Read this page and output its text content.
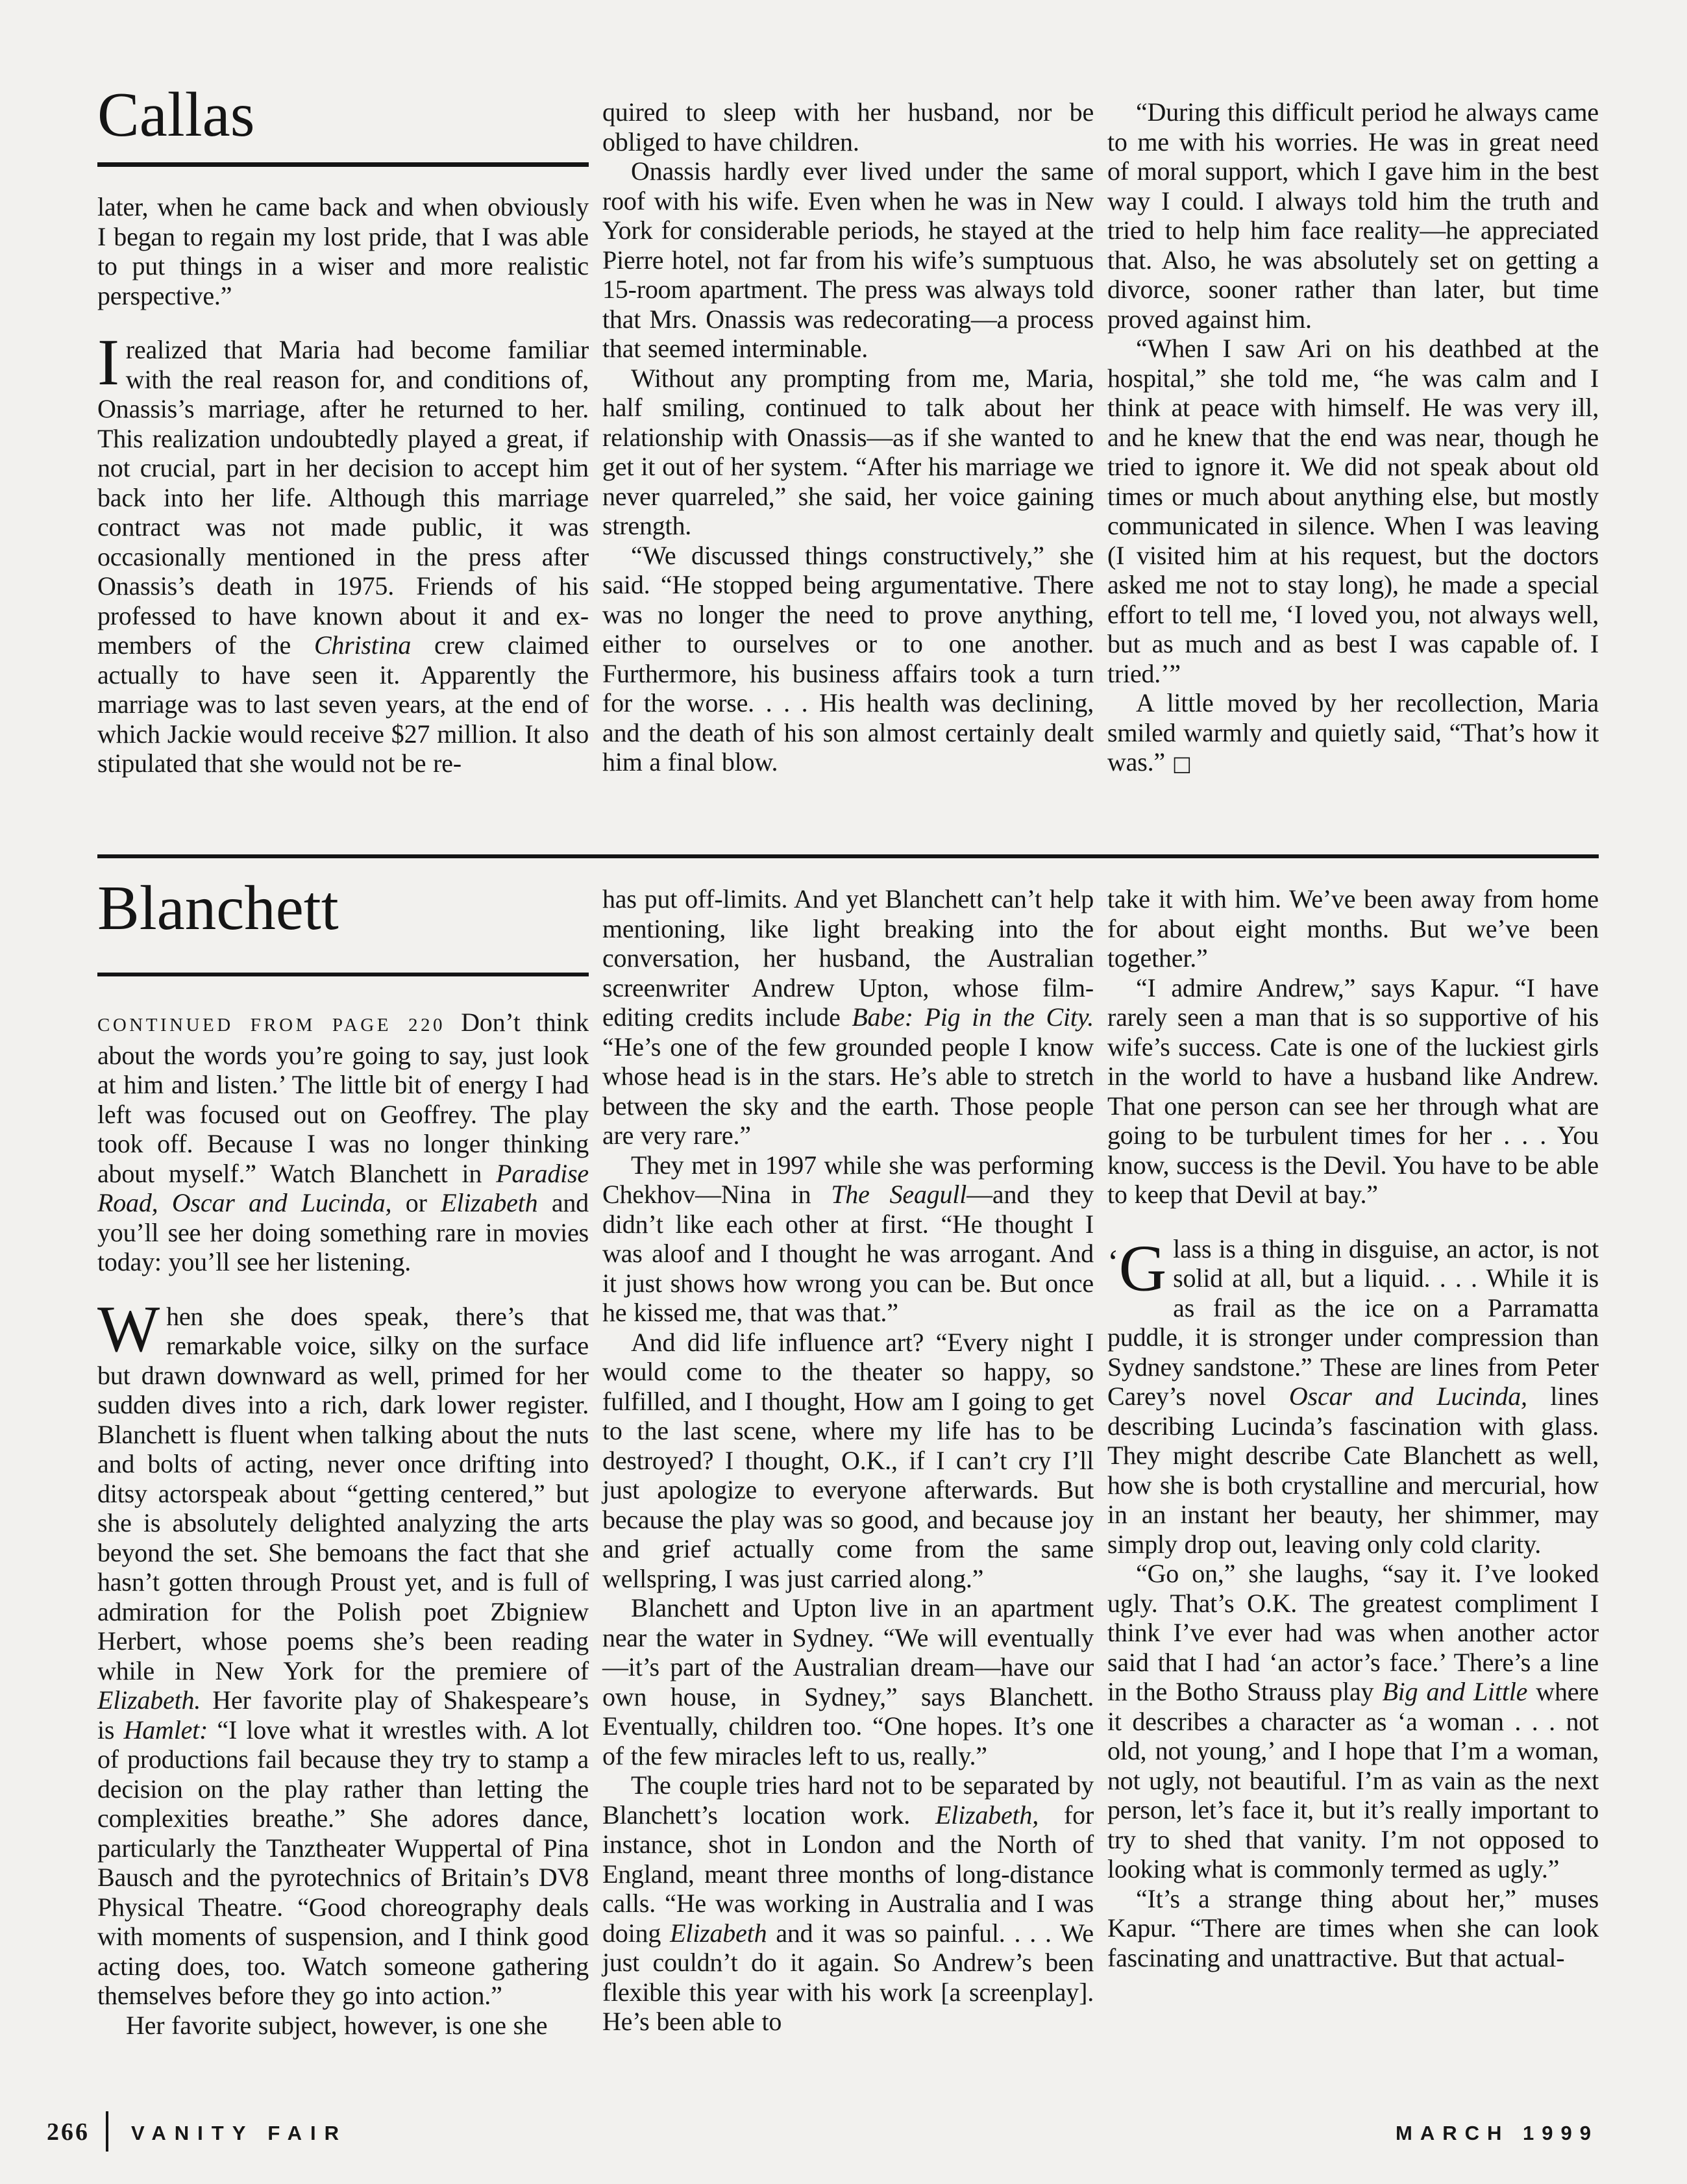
Callas

later, when he came back and when obviously I began to regain my lost pride, that I was able to put things in a wiser and more realistic perspective.”

Irealized that Maria had become familiar with the real reason for, and conditions of, Onassis’s marriage, after he returned to her. This realization undoubtedly played a great, if not crucial, part in her decision to accept him back into her life. Although this marriage contract was not made public, it was occasionally mentioned in the press after Onassis’s death in 1975. Friends of his professed to have known about it and ex-members of the Christina crew claimed actually to have seen it. Apparently the marriage was to last seven years, at the end of which Jackie would receive $27 million. It also stipulated that she would not be re-

quired to sleep with her husband, nor be obliged to have children.

Onassis hardly ever lived under the same roof with his wife. Even when he was in New York for considerable periods, he stayed at the Pierre hotel, not far from his wife’s sumptuous 15-room apartment. The press was always told that Mrs. Onassis was redecorating—a process that seemed interminable.

Without any prompting from me, Maria, half smiling, continued to talk about her relationship with Onassis—as if she wanted to get it out of her system. “After his marriage we never quarreled,” she said, her voice gaining strength.

“We discussed things constructively,” she said. “He stopped being argumentative. There was no longer the need to prove anything, either to ourselves or to one another. Furthermore, his business affairs took a turn for the worse. . . . His health was declining, and the death of his son almost certainly dealt him a final blow.

“During this difficult period he always came to me with his worries. He was in great need of moral support, which I gave him in the best way I could. I always told him the truth and tried to help him face reality—he appreciated that. Also, he was absolutely set on getting a divorce, sooner rather than later, but time proved against him.

“When I saw Ari on his deathbed at the hospital,” she told me, “he was calm and I think at peace with himself. He was very ill, and he knew that the end was near, though he tried to ignore it. We did not speak about old times or much about anything else, but mostly communicated in silence. When I was leaving (I visited him at his request, but the doctors asked me not to stay long), he made a special effort to tell me, ‘I loved you, not always well, but as much and as best I was capable of. I tried.’”

A little moved by her recollection, Maria smiled warmly and quietly said, “That’s how it was.” □

Blanchett

CONTINUED FROM PAGE 220 Don’t think about the words you’re going to say, just look at him and listen.’ The little bit of energy I had left was focused out on Geoffrey. The play took off. Because I was no longer thinking about myself.” Watch Blanchett in Paradise Road, Oscar and Lucinda, or Elizabeth and you’ll see her doing something rare in movies today: you’ll see her listening.

When she does speak, there’s that remarkable voice, silky on the surface but drawn downward as well, primed for her sudden dives into a rich, dark lower register. Blanchett is fluent when talking about the nuts and bolts of acting, never once drifting into ditsy actorspeak about “getting centered,” but she is absolutely delighted analyzing the arts beyond the set. She bemoans the fact that she hasn’t gotten through Proust yet, and is full of admiration for the Polish poet Zbigniew Herbert, whose poems she’s been reading while in New York for the premiere of Elizabeth. Her favorite play of Shakespeare’s is Hamlet: “I love what it wrestles with. A lot of productions fail because they try to stamp a decision on the play rather than letting the complexities breathe.” She adores dance, particularly the Tanztheater Wuppertal of Pina Bausch and the pyrotechnics of Britain’s DV8 Physical Theatre. “Good choreography deals with moments of suspension, and I think good acting does, too. Watch someone gathering themselves before they go into action.”

Her favorite subject, however, is one she

has put off-limits. And yet Blanchett can’t help mentioning, like light breaking into the conversation, her husband, the Australian screenwriter Andrew Upton, whose film-editing credits include Babe: Pig in the City. “He’s one of the few grounded people I know whose head is in the stars. He’s able to stretch between the sky and the earth. Those people are very rare.”

They met in 1997 while she was performing Chekhov—Nina in The Seagull—and they didn’t like each other at first. “He thought I was aloof and I thought he was arrogant. And it just shows how wrong you can be. But once he kissed me, that was that.”

And did life influence art? “Every night I would come to the theater so happy, so fulfilled, and I thought, How am I going to get to the last scene, where my life has to be destroyed? I thought, O.K., if I can’t cry I’ll just apologize to everyone afterwards. But because the play was so good, and because joy and grief actually come from the same wellspring, I was just carried along.”

Blanchett and Upton live in an apartment near the water in Sydney. “We will eventually—it’s part of the Australian dream—have our own house, in Sydney,” says Blanchett. Eventually, children too. “One hopes. It’s one of the few miracles left to us, really.”

The couple tries hard not to be separated by Blanchett’s location work. Elizabeth, for instance, shot in London and the North of England, meant three months of long-distance calls. “He was working in Australia and I was doing Elizabeth and it was so painful. . . . We just couldn’t do it again. So Andrew’s been flexible this year with his work [a screenplay]. He’s been able to

take it with him. We’ve been away from home for about eight months. But we’ve been together.”

“I admire Andrew,” says Kapur. “I have rarely seen a man that is so supportive of his wife’s success. Cate is one of the luckiest girls in the world to have a husband like Andrew. That one person can see her through what are going to be turbulent times for her . . . You know, success is the Devil. You have to be able to keep that Devil at bay.”

‘G lass is a thing in disguise, an actor, is not solid at all, but a liquid. . . . While it is as frail as the ice on a Parramatta puddle, it is stronger under compression than Sydney sandstone.” These are lines from Peter Carey’s novel Oscar and Lucinda, lines describing Lucinda’s fascination with glass. They might describe Cate Blanchett as well, how she is both crystalline and mercurial, how in an instant her beauty, her shimmer, may simply drop out, leaving only cold clarity.

“Go on,” she laughs, “say it. I’ve looked ugly. That’s O.K. The greatest compliment I think I’ve ever had was when another actor said that I had ‘an actor’s face.’ There’s a line in the Botho Strauss play Big and Little where it describes a character as ‘a woman . . . not old, not young,’ and I hope that I’m a woman, not ugly, not beautiful. I’m as vain as the next person, let’s face it, but it’s really important to try to shed that vanity. I’m not opposed to looking what is commonly termed as ugly.”

“It’s a strange thing about her,” muses Kapur. “There are times when she can look fascinating and unattractive. But that actual-

266 VANITY FAIR	MARCH 1999
